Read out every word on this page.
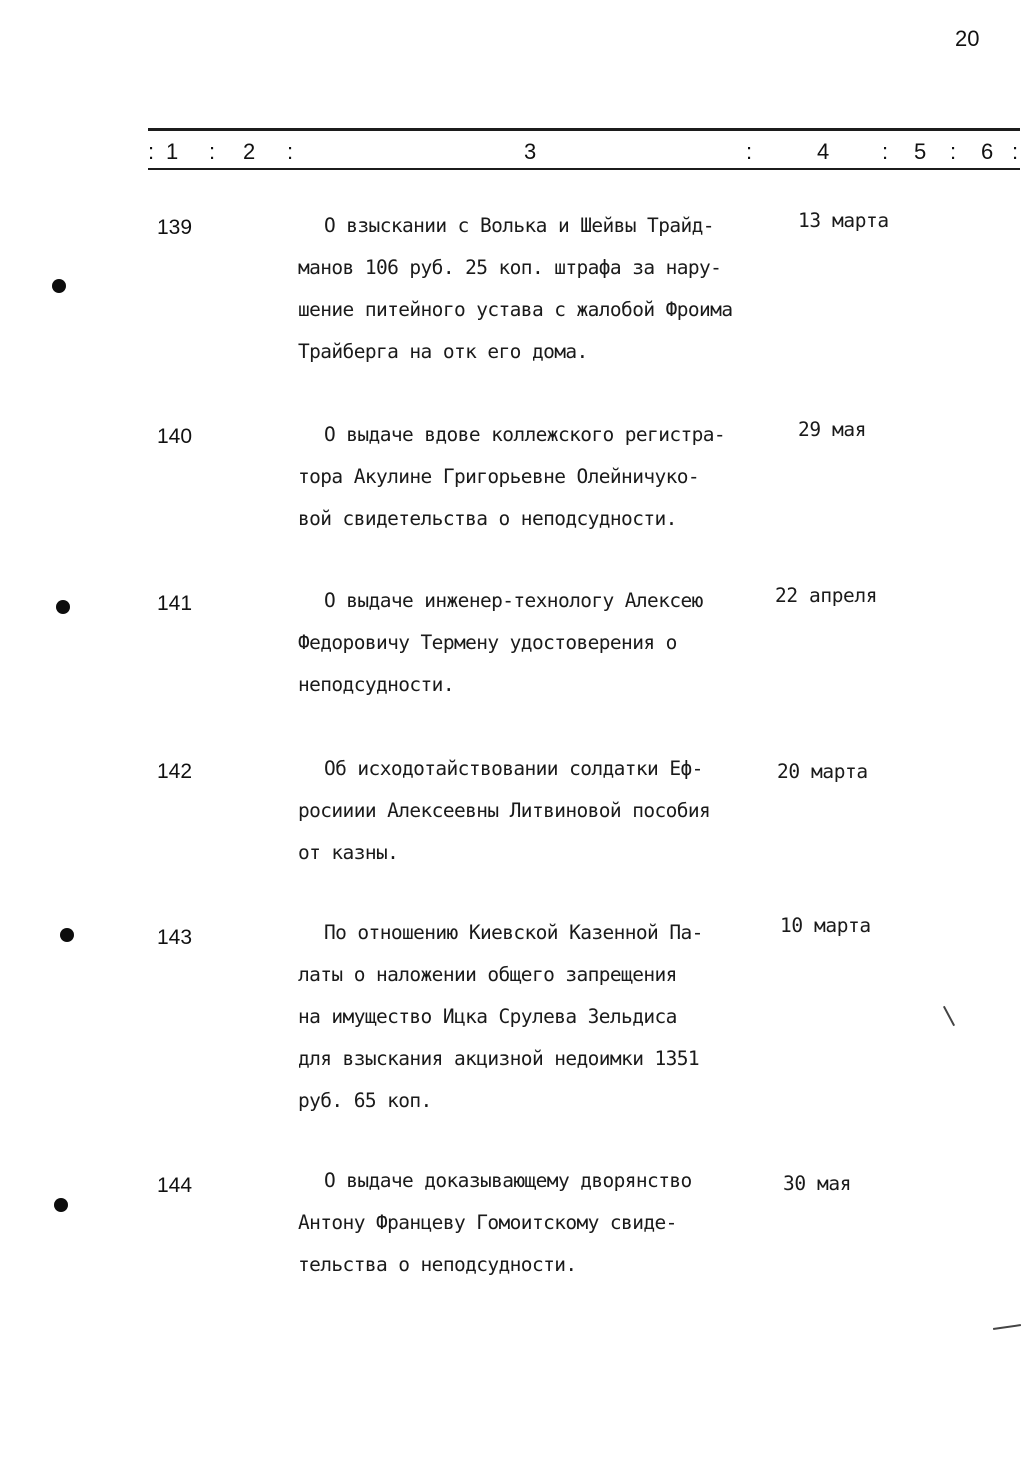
20
: 1 : 2 :	3	:	4 : 5 : 6 :
139	О взыскании с Волька и Шейвы Трайд-
манов 106 руб. 25 коп. штрафа за нару-
шение питейного устава с жалобой Фроима
Трайберга на отк его дома.
13 марта
140	О выдаче вдове коллежского регистра-
тора Акулине Григорьевне Олейничуко-
вой свидетельства о неподсудности.
29 мая
141	О выдаче инженер-технологу Алексею
Федоровичу Термену удостоверения о
неподсудности.
22 апреля
142	Об исходотайствовании солдатки Еф-
росииии Алексеевны Литвиновой пособия
от казны.
20 марта
143	По отношению Киевской Казенной Па-
латы о наложении общего запрещения
на имущество Ицка Срулева Зельдиса
для взыскания акцизной недоимки 1351
руб. 65 коп.
10 марта
144	О выдаче доказывающему дворянство
Антону Францеву Гомоитскому свиде-
тельства о неподсудности.
30 мая
